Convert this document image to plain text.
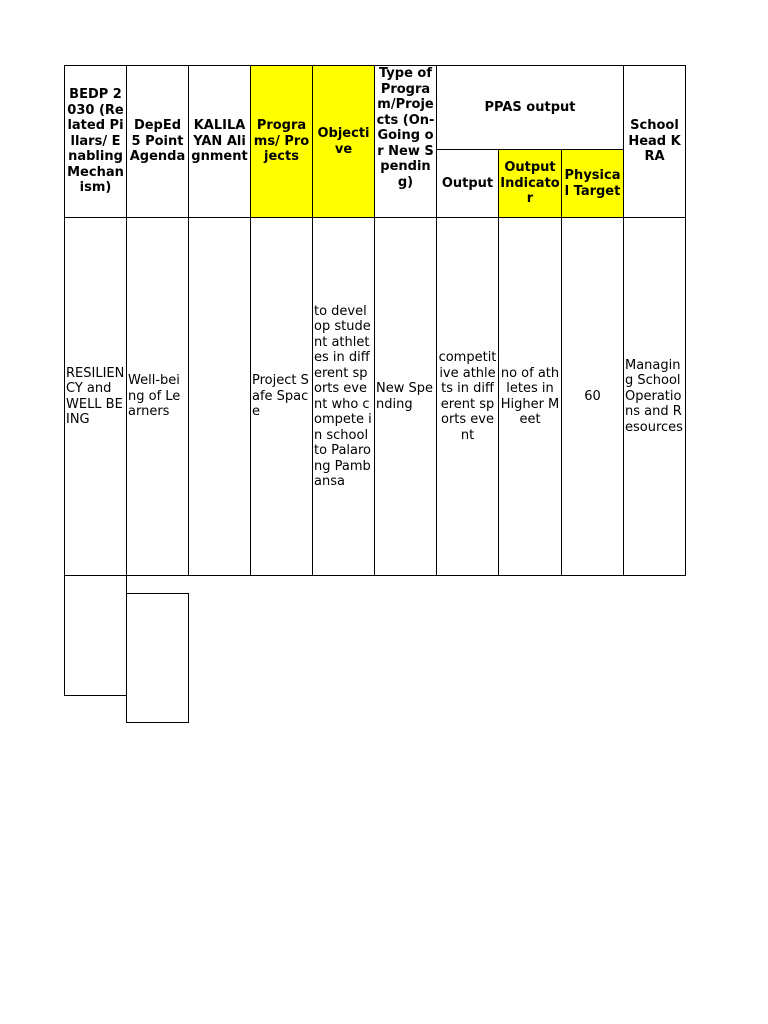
BEDP 2030 (Related Pillars/ Enabling Mechanism)
DepEd 5 Point Agenda
KALILAYAN Alignment
Programs/ Projects
Objective
Type of Program/Projects (On-Going or New Spending)
PPAS output
Output
Output Indicator
Physical Target
School Head KRA
RESILIENCY and WELL BEING
Well-being of Learners
Project Safe Space
to develop student athletes in different sports event who compete in school to Palarong Pambansa
New Spending
competitive athlets in different sports event
no of athletes in Higher Meet
60
Managing School Operations and Resources
